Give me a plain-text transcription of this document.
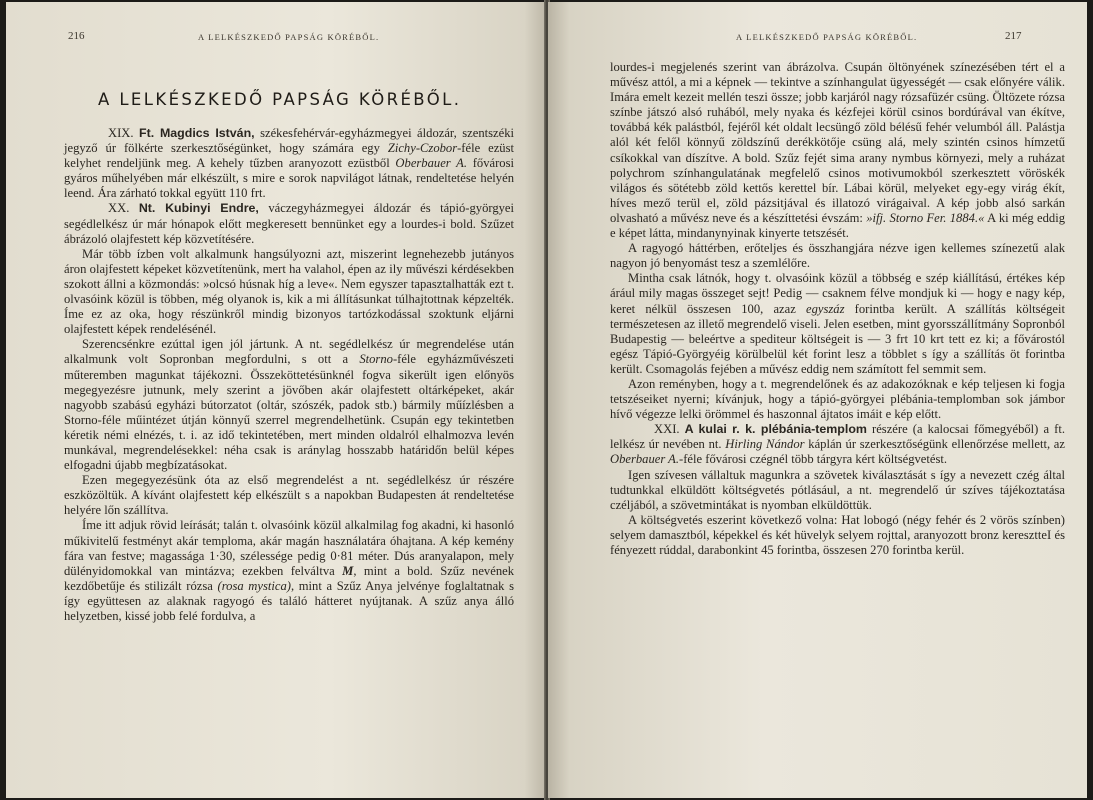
216	A LELKÉSZKEDŐ PAPSÁG KÖRÉBŐL.
A LELKÉSZKEDŐ PAPSÁG KÖRÉBŐL.

XIX. Ft. Magdics István, székesfehérvár-egyházmegyei áldozár, szentszéki jegyző úr fölkérte szerkesztőségünket, hogy számára egy Zichy-Czobor-féle ezüst kelyhet rendeljünk meg. A kehely tűzben aranyozott ezüstből Oberbauer A. fővárosi gyáros műhelyében már elkészült, s mire e sorok napvilágot látnak, rendeltetése helyén leend. Ára zárható tokkal együtt 110 frt.

XX. Nt. Kubinyi Endre, váczegyházmegyei áldozár és tápió-györgyei segédlelkész úr már hónapok előtt megkeresett bennünket egy a lourdes-i bold. Szűzet ábrázoló olajfestett kép közvetítésére.

Már több ízben volt alkalmunk hangsúlyozni azt, miszerint legnehezebb jutányos áron olajfestett képeket közvetítenünk, mert ha valahol, épen az ily művészi kérdésekben szokott állni a közmondás: »olcsó húsnak híg a leve«. Nem egyszer tapasztalhatták ezt t. olvasóink közül is többen, még olyanok is, kik a mi állításunkat túlhajtottnak képzelték. Íme ez az oka, hogy részünkről mindig bizonyos tartózkodással szoktunk eljárni olajfestett képek rendelésénél.

Szerencsénkre ezúttal igen jól jártunk. A nt. segédlelkész úr megrendelése után alkalmunk volt Sopronban megfordulni, s ott a Storno-féle egyházművészeti műteremben magunkat tájékozni. Összeköttetésünknél fogva sikerült igen előnyös megegyezésre jutnunk, mely szerint a jövőben akár olajfestett oltárképeket, akár nagyobb szabású egyházi bútorzatot (oltár, szószék, padok stb.) bármily műízlésben a Storno-féle műintézet útján könnyű szerrel megrendelhetünk. Csupán egy tekintetben kéretik némi elnézés, t. i. az idő tekintetében, mert minden oldalról elhalmozva levén munkával, megrendelésekkel: néha csak is aránylag hosszabb határidőn belül képes elfogadni újabb megbízatásokat.

Ezen megegyezésünk óta az első megrendelést a nt. segédlelkész úr részére eszközöltük. A kívánt olajfestett kép elkészült s a napokban Budapesten át rendeltetése helyére lőn szállítva.

Íme itt adjuk rövid leírását; talán t. olvasóink közül alkalmilag fog akadni, ki hasonló műkivitelű festményt akár temploma, akár magán használatára óhajtana. A kép kemény fára van festve; magassága 1·30, szélessége pedig 0·81 méter. Dús aranyalapon, mely dülényidomokkal van mintázva; ezekben felváltva M, mint a bold. Szűz nevének kezdőbetűje és stilizált rózsa (rosa mystica), mint a Szűz Anya jelvénye foglaltatnak s így együttesen az alaknak ragyogó és találó hátteret nyújtanak. A szűz anya álló helyzetben, kissé jobb felé fordulva, a

A LELKÉSZKEDŐ PAPSÁG KÖRÉBŐL.	217

lourdes-i megjelenés szerint van ábrázolva. Csupán öltönyének színezésében tért el a művész attól, a mi a képnek — tekintve a színhangulat ügyességét — csak előnyére válik. Imára emelt kezeit mellén teszi össze; jobb karjáról nagy rózsafüzér csüng. Öltözete rózsa színbe játszó alsó ruhából, mely nyaka és kézfejei körül csinos bordúrával van ékítve, továbbá kék palástból, fejéről két oldalt lecsüngő zöld bélésű fehér velumból áll. Palástja alól két felől könnyű zöldszínű derékkötője csüng alá, mely szintén csinos hímzetű csíkokkal van díszítve. A bold. Szűz fejét sima arany nymbus környezi, mely a ruházat polychrom színhangulatának megfelelő csinos motivumokból szerkesztett vöröskék világos és sötétebb zöld kettős kerettel bír. Lábai körül, melyeket egy-egy virág ékít, híves mező terül el, zöld pázsitjával és illatozó virágaival. A kép jobb alsó sarkán olvasható a művész neve és a készíttetési évszám: »ifj. Storno Fer. 1884.« A ki még eddig e képet látta, mindanynyinak kinyerte tetszését.

A ragyogó háttérben, erőteljes és összhangjára nézve igen kellemes színezetű alak nagyon jó benyomást tesz a szemlélőre.

Mintha csak látnók, hogy t. olvasóink közül a többség e szép kiállítású, értékes kép árául mily magas összeget sejt! Pedig — csaknem félve mondjuk ki — hogy e nagy kép, keret nélkül összesen 100, azaz egyszáz forintba került. A szállítás költségeit természetesen az illető megrendelő viseli. Jelen esetben, mint gyorsszállítmány Sopronból Budapestig — beleértve a spediteur költségeit is — 3 frt 10 krt tett ez ki; a fővárostól egész Tápió-Györgyéig körülbelül két forint lesz a többlet s így a szállítás öt forintba került. Csomagolás fejében a művész eddig nem számított fel semmit sem.

Azon reményben, hogy a t. megrendelőnek és az adakozóknak e kép teljesen ki fogja tetszéseiket nyerni; kívánjuk, hogy a tápió-györgyei plébánia-templomban sok jámbor hívő végezze lelki örömmel és haszonnal ájtatos imáit e kép előtt.

XXI. A kulai r. k. plébánia-templom részére (a kalocsai főmegyéből) a ft. lelkész úr nevében nt. Hirling Nándor káplán úr szerkesztőségünk ellenőrzése mellett, az Oberbauer A.-féle fővárosi czégnél több tárgyra kért költségvetést.

Igen szívesen vállaltuk magunkra a szövetek kiválasztását s így a nevezett czég által tudtunkkal elküldött költségvetés pótlásául, a nt. megrendelő úr szíves tájékoztatása czéljából, a szövetmintákat is nyomban elküldöttük.

A költségvetés eszerint következő volna: Hat lobogó (négy fehér és 2 vörös színben) selyem damasztból, képekkel és két hüvelyk selyem rojttal, aranyozott bronz keresztteI és fényezett rúddal, darabonkint 45 forintba, összesen 270 forintba kerül.
